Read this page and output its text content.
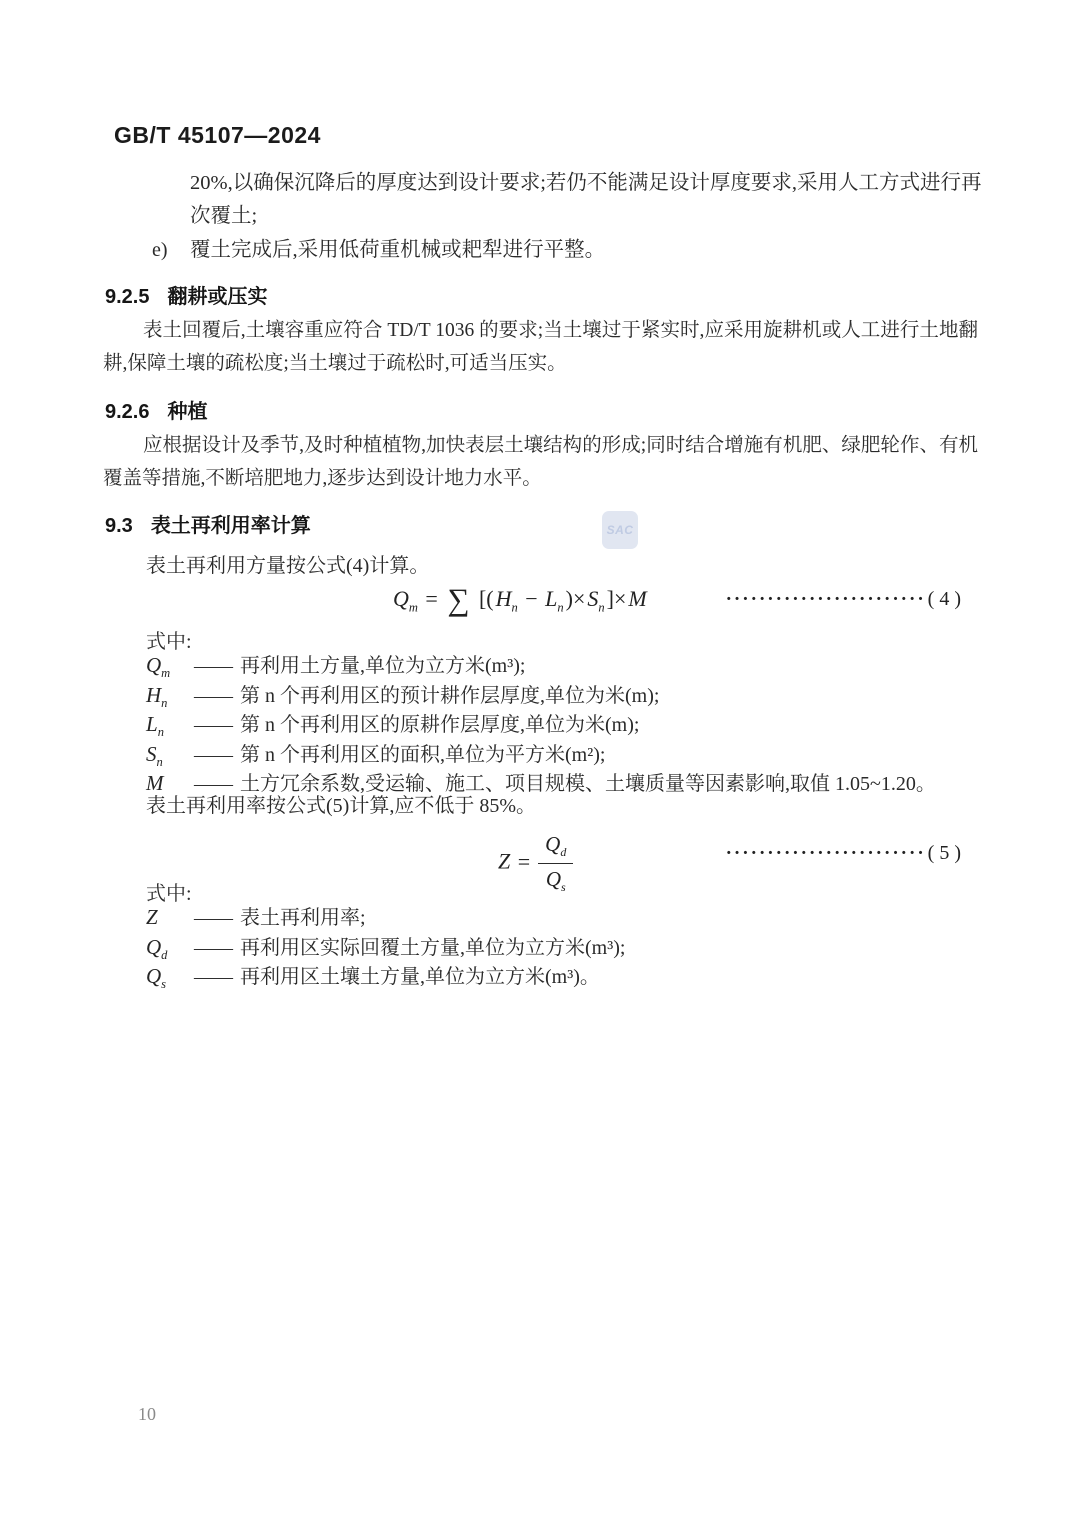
GB/T 45107—2024
20%,以确保沉降后的厚度达到设计要求;若仍不能满足设计厚度要求,采用人工方式进行再
次覆土;
e) 覆土完成后,采用低荷重机械或耙犁进行平整。
9.2.5 翻耕或压实
表土回覆后,土壤容重应符合 TD/T 1036 的要求;当土壤过于紧实时,应采用旋耕机或人工进行土地翻耕,保障土壤的疏松度;当土壤过于疏松时,可适当压实。
9.2.6 种植
应根据设计及季节,及时种植植物,加快表层土壤结构的形成;同时结合增施有机肥、绿肥轮作、有机覆盖等措施,不断培肥地力,逐步达到设计地力水平。
9.3 表土再利用率计算	SAC
表土再利用方量按公式(4)计算。
$Q_m$ = ∑ $[(H_n - L_n)\times S_n]\times M$	························ ( 4 )
式中:
$Q_m$	—— 再利用土方量,单位为立方米(m³);
$H_n$	—— 第 n 个再利用区的预计耕作层厚度,单位为米(m);
$L_n$	—— 第 n 个再利用区的原耕作层厚度,单位为米(m);
$S_n$	—— 第 n 个再利用区的面积,单位为平方米(m²);
M	—— 土方冗余系数,受运输、施工、项目规模、土壤质量等因素影响,取值 1.05~1.20。
表土再利用率按公式(5)计算,应不低于 85%。
$Z = \frac{Q_d}{Q_s}$	························ ( 5 )
式中:
Z	—— 表土再利用率;
$Q_d$	—— 再利用区实际回覆土方量,单位为立方米(m³);
$Q_s$	—— 再利用区土壤土方量,单位为立方米(m³)。
10
